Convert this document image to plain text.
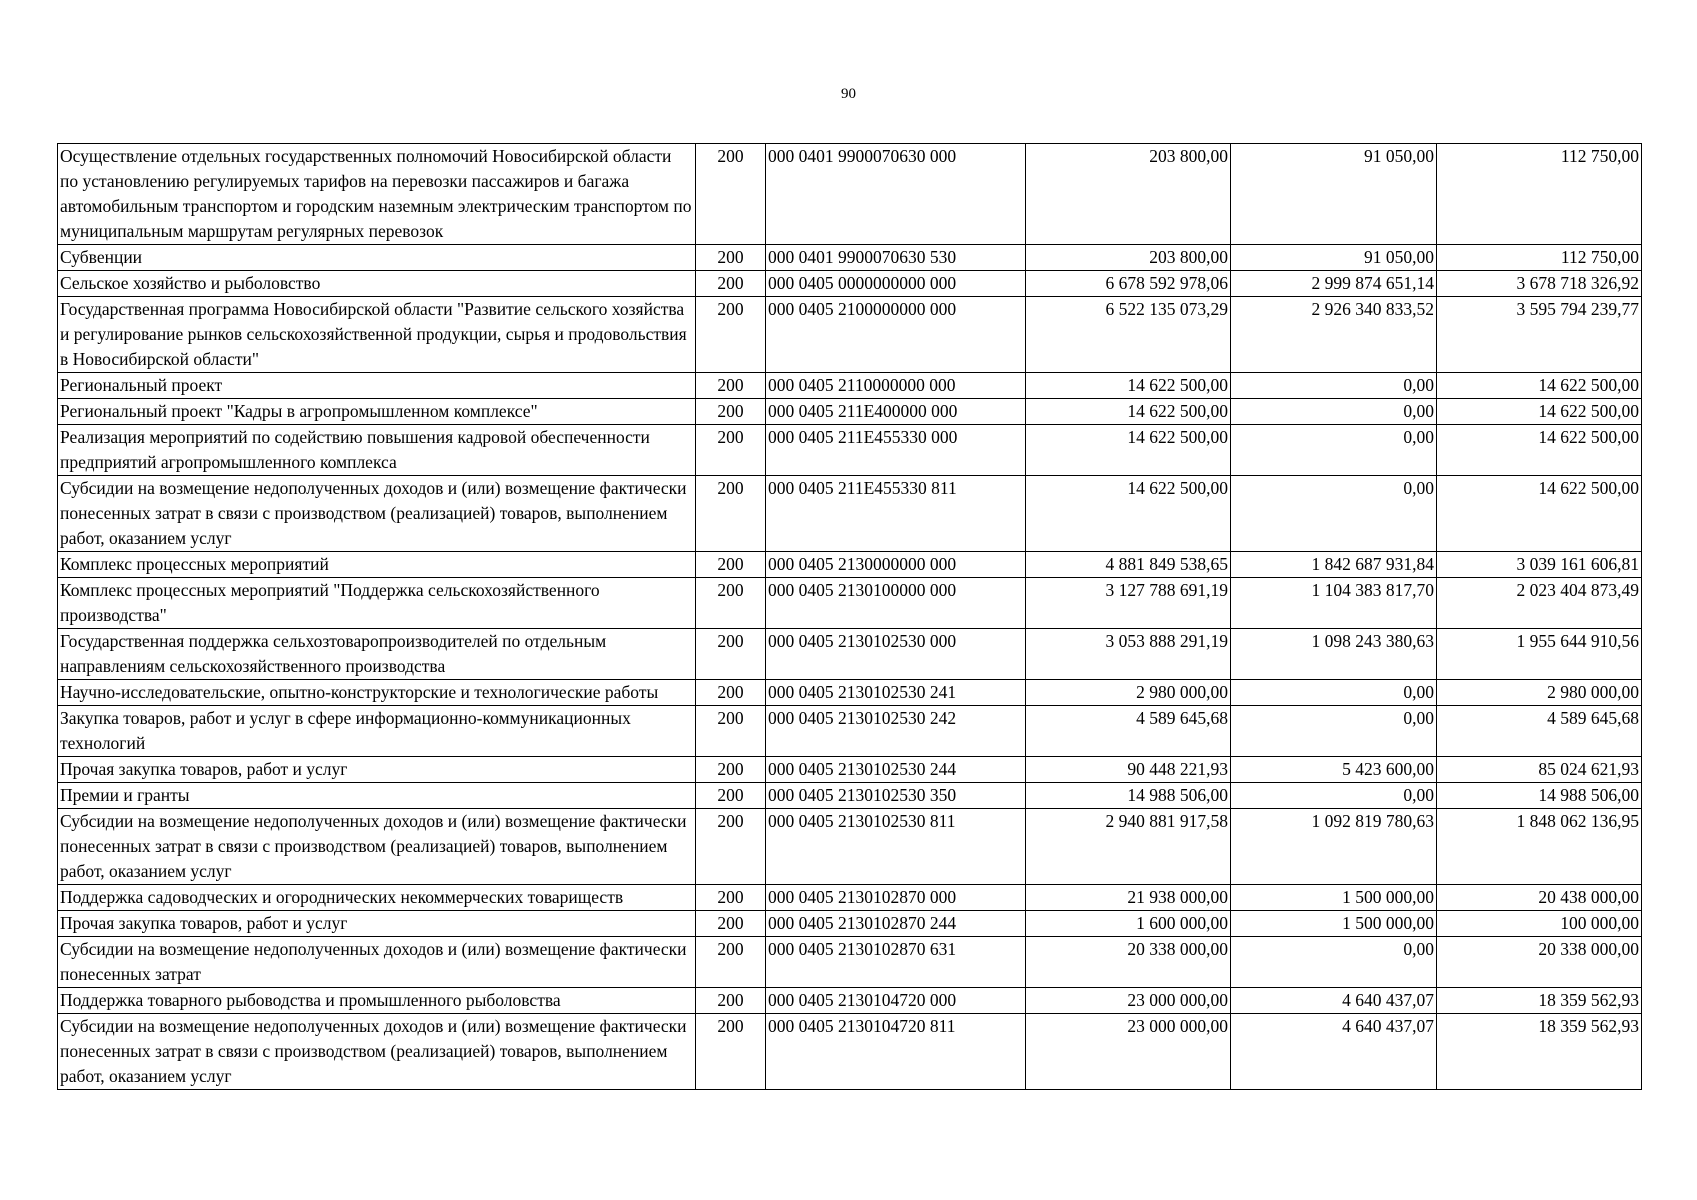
90
Осуществление отдельных государственных полномочий Новосибирской области по установлению регулируемых тарифов на перевозки пассажиров и багажа автомобильным транспортом и городским наземным электрическим транспортом по муниципальным маршрутам регулярных перевозок	200	000 0401 9900070630 000	203 800,00	91 050,00	112 750,00
Субвенции	200	000 0401 9900070630 530	203 800,00	91 050,00	112 750,00
Сельское хозяйство и рыболовство	200	000 0405 0000000000 000	6 678 592 978,06	2 999 874 651,14	3 678 718 326,92
Государственная программа Новосибирской области "Развитие сельского хозяйства и регулирование рынков сельскохозяйственной продукции, сырья и продовольствия в Новосибирской области"	200	000 0405 2100000000 000	6 522 135 073,29	2 926 340 833,52	3 595 794 239,77
Региональный проект	200	000 0405 2110000000 000	14 622 500,00	0,00	14 622 500,00
Региональный проект "Кадры в агропромышленном комплексе"	200	000 0405 211E400000 000	14 622 500,00	0,00	14 622 500,00
Реализация мероприятий по содействию повышения кадровой обеспеченности предприятий агропромышленного комплекса	200	000 0405 211E455330 000	14 622 500,00	0,00	14 622 500,00
Субсидии на возмещение недополученных доходов и (или) возмещение фактически понесенных затрат в связи с производством (реализацией) товаров, выполнением работ, оказанием услуг	200	000 0405 211E455330 811	14 622 500,00	0,00	14 622 500,00
Комплекс процессных мероприятий	200	000 0405 2130000000 000	4 881 849 538,65	1 842 687 931,84	3 039 161 606,81
Комплекс процессных мероприятий "Поддержка сельскохозяйственного производства"	200	000 0405 2130100000 000	3 127 788 691,19	1 104 383 817,70	2 023 404 873,49
Государственная поддержка сельхозтоваропроизводителей по отдельным направлениям сельскохозяйственного производства	200	000 0405 2130102530 000	3 053 888 291,19	1 098 243 380,63	1 955 644 910,56
Научно-исследовательские, опытно-конструкторские и технологические работы	200	000 0405 2130102530 241	2 980 000,00	0,00	2 980 000,00
Закупка товаров, работ и услуг в сфере информационно-коммуникационных технологий	200	000 0405 2130102530 242	4 589 645,68	0,00	4 589 645,68
Прочая закупка товаров, работ и услуг	200	000 0405 2130102530 244	90 448 221,93	5 423 600,00	85 024 621,93
Премии и гранты	200	000 0405 2130102530 350	14 988 506,00	0,00	14 988 506,00
Субсидии на возмещение недополученных доходов и (или) возмещение фактически понесенных затрат в связи с производством (реализацией) товаров, выполнением работ, оказанием услуг	200	000 0405 2130102530 811	2 940 881 917,58	1 092 819 780,63	1 848 062 136,95
Поддержка садоводческих и огороднических некоммерческих товариществ	200	000 0405 2130102870 000	21 938 000,00	1 500 000,00	20 438 000,00
Прочая закупка товаров, работ и услуг	200	000 0405 2130102870 244	1 600 000,00	1 500 000,00	100 000,00
Субсидии на возмещение недополученных доходов и (или) возмещение фактически понесенных затрат	200	000 0405 2130102870 631	20 338 000,00	0,00	20 338 000,00
Поддержка товарного рыбоводства и промышленного рыболовства	200	000 0405 2130104720 000	23 000 000,00	4 640 437,07	18 359 562,93
Субсидии на возмещение недополученных доходов и (или) возмещение фактически понесенных затрат в связи с производством (реализацией) товаров, выполнением работ, оказанием услуг	200	000 0405 2130104720 811	23 000 000,00	4 640 437,07	18 359 562,93
